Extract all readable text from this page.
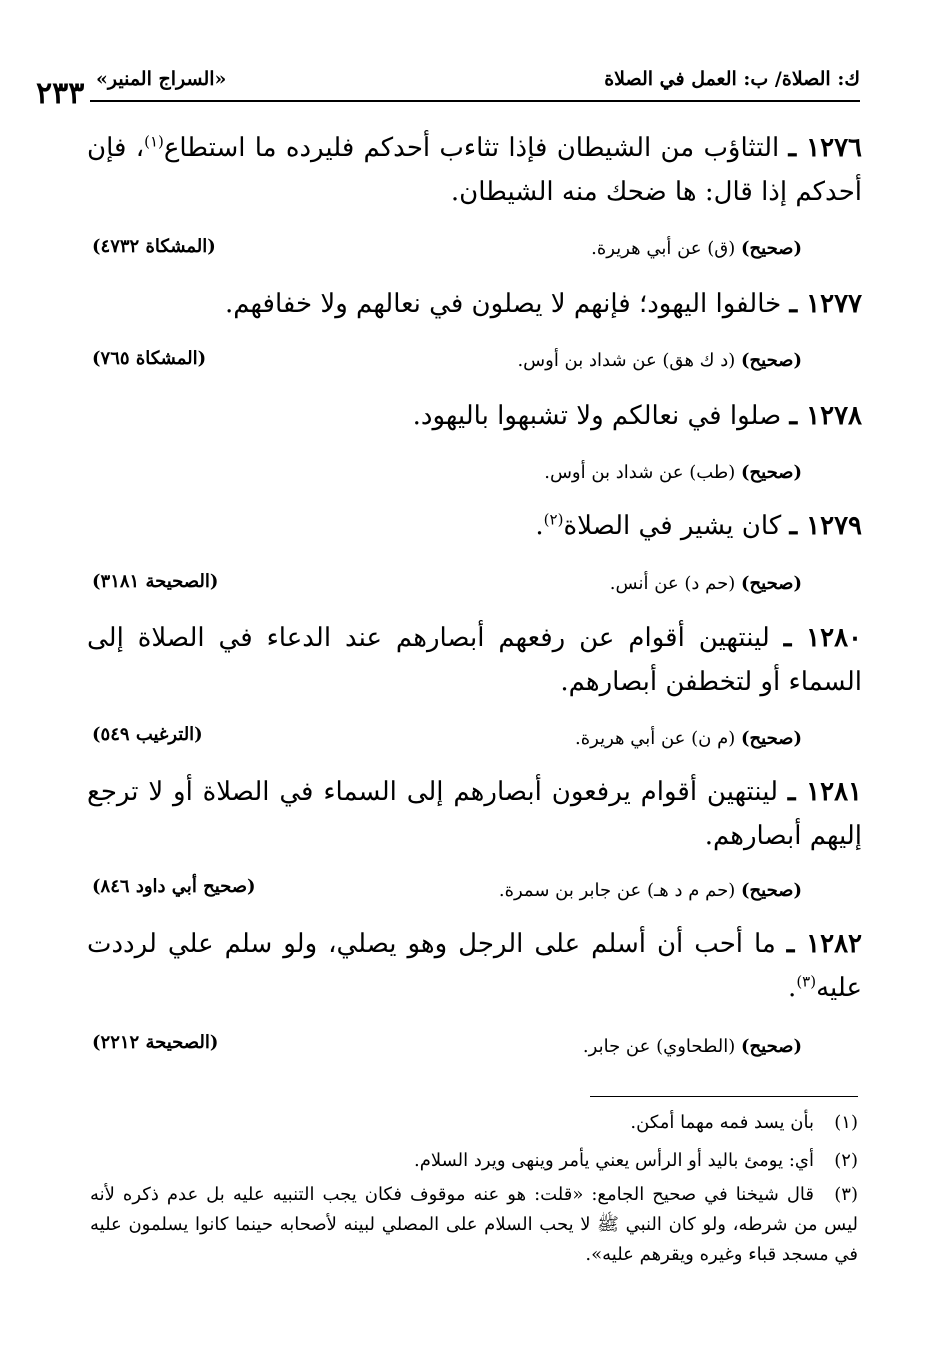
ك: الصلاة/ ب: العمل في الصلاة
«السراج المنير»
٢٣٣
١٢٧٦ ـ التثاؤب من الشيطان فإذا تثاءب أحدكم فليرده ما استطاع$^{(١)}$، فإن أحدكم إذا قال: ها ضحك منه الشيطان.
(صحيح) (ق) عن أبي هريرة.
(المشكاة ٤٧٣٢)
١٢٧٧ ـ خالفوا اليهود؛ فإنهم لا يصلون في نعالهم ولا خفافهم.
(صحيح) (د ك هق) عن شداد بن أوس.
(المشكاة ٧٦٥)
١٢٧٨ ـ صلوا في نعالكم ولا تشبهوا باليهود.
(صحيح) (طب) عن شداد بن أوس.
١٢٧٩ ـ كان يشير في الصلاة$^{(٢)}$.
(صحيح) (حم د) عن أنس.
(الصحيحة ٣١٨١)
١٢٨٠ ـ لينتهين أقوام عن رفعهم أبصارهم عند الدعاء في الصلاة إلى السماء أو لتخطفن أبصارهم.
(صحيح) (م ن) عن أبي هريرة.
(الترغيب ٥٤٩)
١٢٨١ ـ لينتهين أقوام يرفعون أبصارهم إلى السماء في الصلاة أو لا ترجع إليهم أبصارهم.
(صحيح) (حم م د هـ) عن جابر بن سمرة.
(صحيح أبي داود ٨٤٦)
١٢٨٢ ـ ما أحب أن أسلم على الرجل وهو يصلي، ولو سلم علي لرددت عليه$^{(٣)}$.
(صحيح) (الطحاوي) عن جابر.
(الصحيحة ٢٢١٢)
(١)بأن يسد فمه مهما أمكن.
(٢)أي: يومئ باليد أو الرأس يعني يأمر وينهى ويرد السلام.
(٣)قال شيخنا في صحيح الجامع: «قلت: هو عنه موقوف فكان يجب التنبيه عليه بل عدم ذكره لأنه ليس من شرطه، ولو كان النبي ﷺ لا يحب السلام على المصلي لبينه لأصحابه حينما كانوا يسلمون عليه في مسجد قباء وغيره ويقرهم عليه».
